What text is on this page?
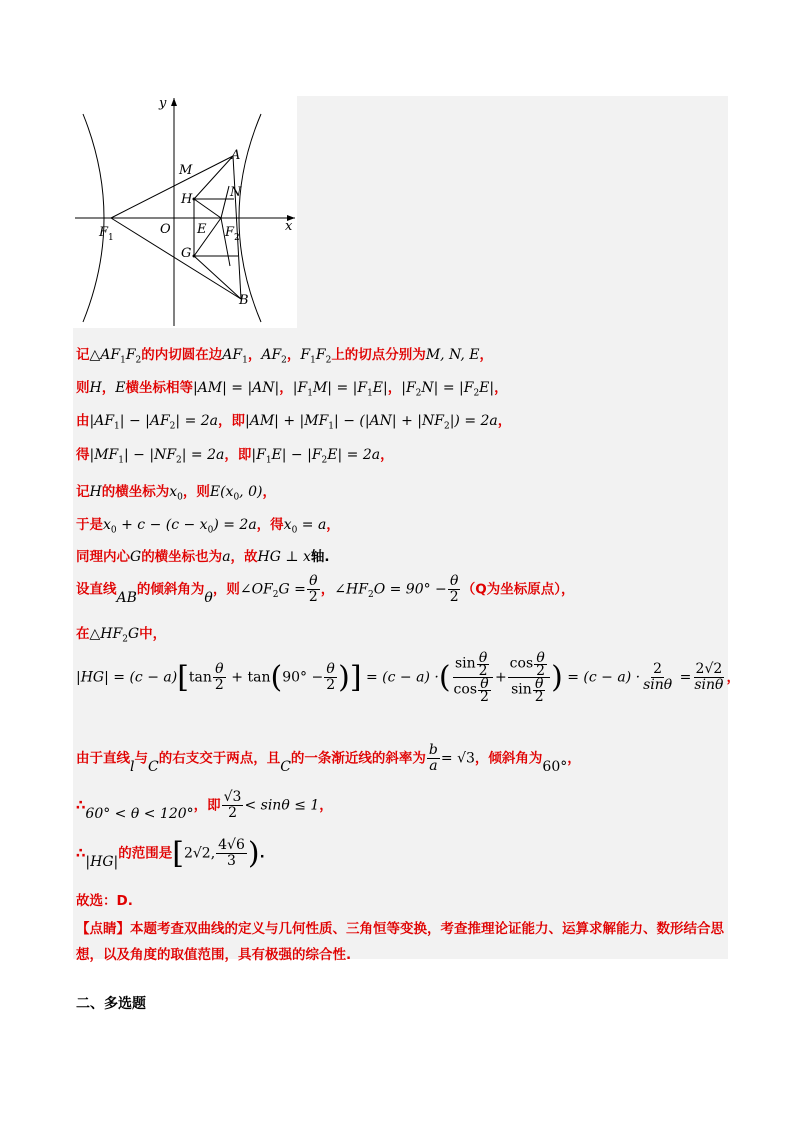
y
x
A
M
H	N
F 1
O E F 2
G
B
记$\triangle AF_1F_2$的内切圆在边$AF_1$，$AF_2$，$F_1F_2$上的切点分别为M, N, E，
则H，E横坐标相等|AM| = |AN|，$|F_1M| = |F_1E|$，$|F_2N| = |F_2E|$，
由$|AF_1| - |AF_2| = 2a$，即$|AM| + |MF_1| - (|AN| + |NF_2|) = 2a$，
得$|MF_1| - |NF_2| = 2a$，即$|F_1E| - |F_2E| = 2a$，
记H的横坐标为$x_0$，则$E(x_0$, 0)，
于是$x_0 + c - (c - x_0) = 2a$，得$x_0 = a$，
同理内心G的横坐标也为a，故HG ⊥ x轴.
设直线AB的倾斜角为θ，则$\angle OF_2G = \frac{\theta}{2}$ ，$\angle HF_2O = 90^\circ - \frac{\theta}{2} (Q$为坐标原点），
在$\triangle HF_2G$中，
$|HG| = (c - a)[\tan \frac{\theta}{2} + \tan(90^\circ - \frac{\theta}{2}$ )] = (c − a) ·( $\frac{\sin \frac{\theta}{2}}{\cos \frac{\theta}{2}} + \frac{\cos \frac{\theta}{2}}{\sin \frac{\theta}{2}}$ ) = $(c - a) \cdot \frac{2}{\sin\theta} = \frac{2√2}{\sin\theta}$ ，
由于直线l与C的右支交于两点，且C的一条渐近线的斜率为 $\frac{b}{a} = √3$，倾斜角为60°，
∴60° < θ < 120°，即 $\frac{√3}{2} < \sin\theta \le 1$，
∴|HG|的范围是[2√2, $\frac{4√6}{3}$ ).
故选：D.
【点睛】本题考查双曲线的定义与几何性质、三角恒等变换，考查推理论证能力、运算求解能力、数形结合思想，以及角度的取值范围，具有极强的综合性.
二、多选题
